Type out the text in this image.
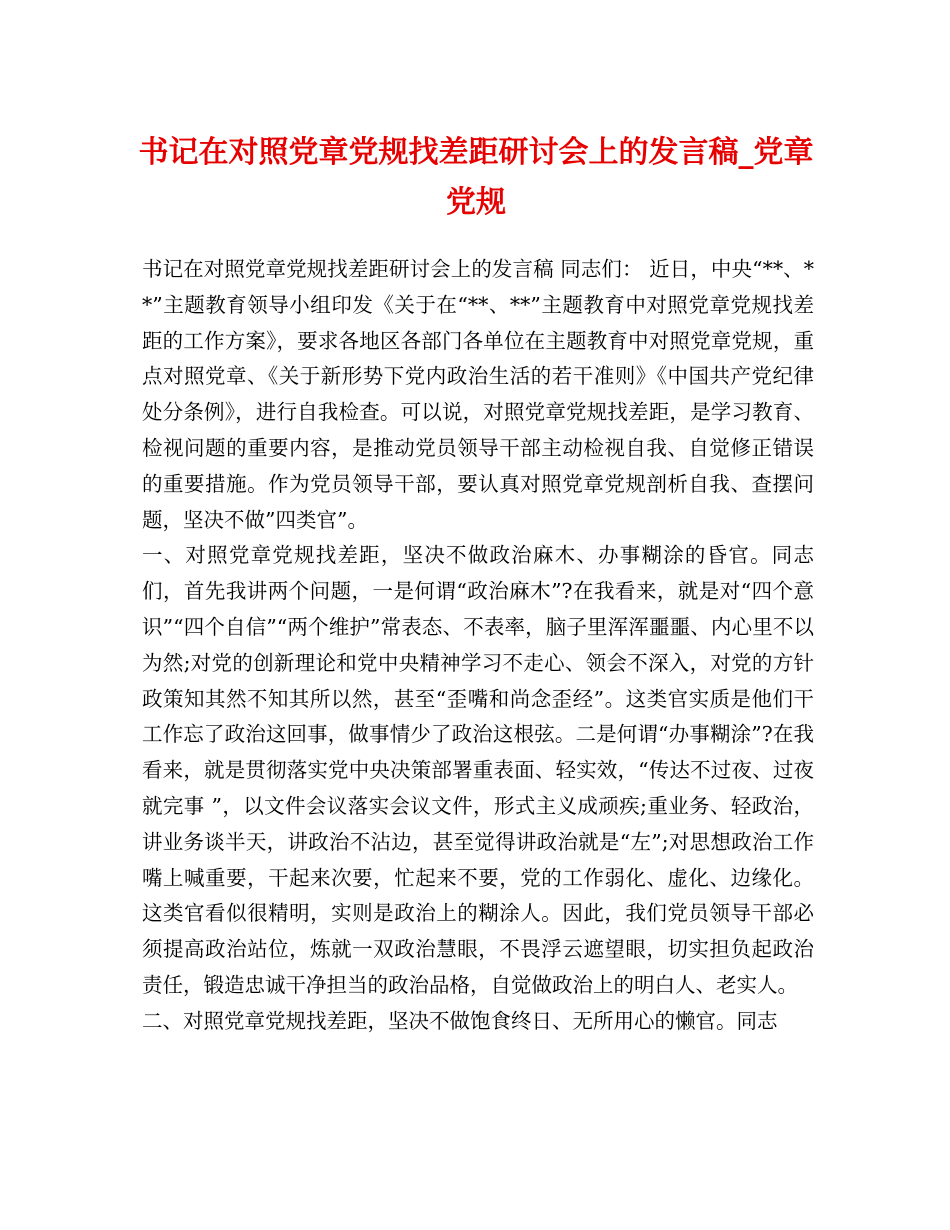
书记在对照党章党规找差距研讨会上的发言稿_党章党规

书记在对照党章党规找差距研讨会上的发言稿 同志们： 近日，中央“**、**”主题教育领导小组印发《关于在“**、**”主题教育中对照党章党规找差距的工作方案》，要求各地区各部门各单位在主题教育中对照党章党规，重点对照党章、《关于新形势下党内政治生活的若干准则》《中国共产党纪律处分条例》，进行自我检查。可以说，对照党章党规找差距，是学习教育、检视问题的重要内容，是推动党员领导干部主动检视自我、自觉修正错误的重要措施。作为党员领导干部，要认真对照党章党规剖析自我、查摆问题，坚决不做”四类官”。

一、对照党章党规找差距，坚决不做政治麻木、办事糊涂的昏官。同志们，首先我讲两个问题，一是何谓“政治麻木”?在我看来，就是对“四个意识”“四个自信”“两个维护”常表态、不表率，脑子里浑浑噩噩、内心里不以为然;对党的创新理论和党中央精神学习不走心、领会不深入，对党的方针政策知其然不知其所以然，甚至“歪嘴和尚念歪经”。这类官实质是他们干工作忘了政治这回事，做事情少了政治这根弦。二是何谓“办事糊涂”?在我看来，就是贯彻落实党中央决策部署重表面、轻实效，“传达不过夜、过夜就完事 ”，以文件会议落实会议文件，形式主义成顽疾;重业务、轻政治，讲业务谈半天，讲政治不沾边，甚至觉得讲政治就是“左”;对思想政治工作嘴上喊重要，干起来次要，忙起来不要，党的工作弱化、虚化、边缘化。这类官看似很精明，实则是政治上的糊涂人。因此，我们党员领导干部必须提高政治站位，炼就一双政治慧眼，不畏浮云遮望眼，切实担负起政治责任，锻造忠诚干净担当的政治品格，自觉做政治上的明白人、老实人。

二、对照党章党规找差距，坚决不做饱食终日、无所用心的懒官。同志
